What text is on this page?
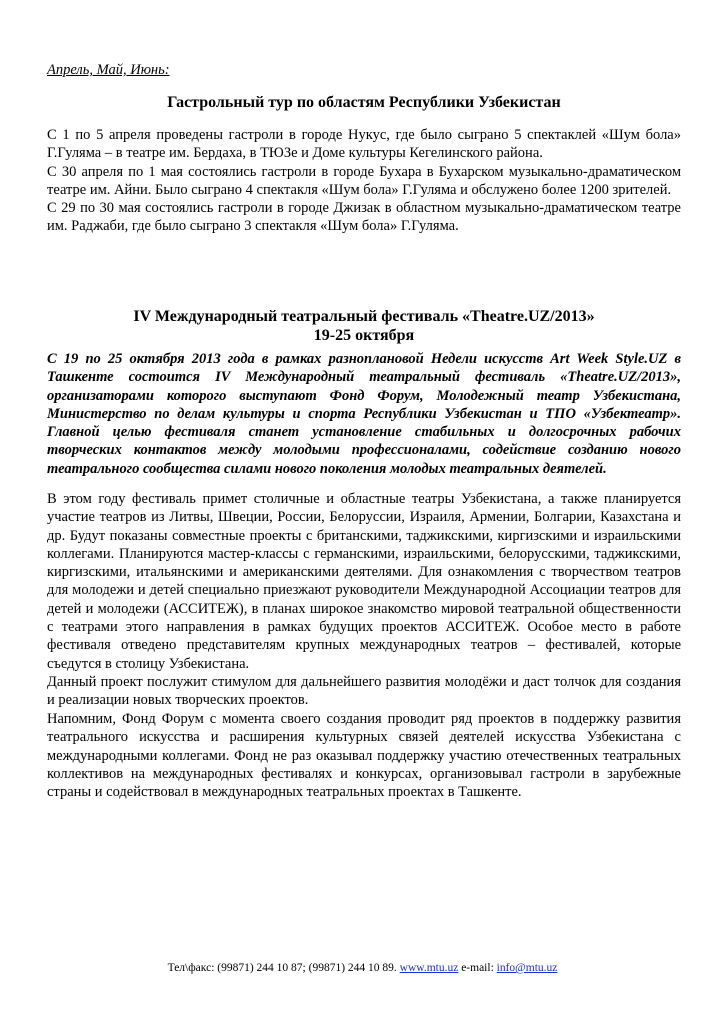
Апрель, Май, Июнь:
Гастрольный тур по областям Республики Узбекистан

С 1 по 5 апреля проведены гастроли в городе Нукус, где было сыграно 5 спектаклей «Шум бола» Г.Гуляма – в театре им. Бердаха, в ТЮЗе и Доме культуры Кегелинского района.

С 30 апреля по 1 мая состоялись гастроли в городе Бухара в Бухарском музыкально-драматическом театре им. Айни. Было сыграно 4 спектакля «Шум бола» Г.Гуляма и обслужено более 1200 зрителей.

С 29 по 30 мая состоялись гастроли в городе Джизак в областном музыкально-драматическом театре им. Раджаби, где было сыграно 3 спектакля «Шум бола» Г.Гуляма.

IV Международный театральный фестиваль «Theatre.UZ/2013»
19-25 октября
С 19 по 25 октября 2013 года в рамках разноплановой Недели искусств Art Week Style.UZ в Ташкенте состоится IV Международный театральный фестиваль «Theatre.UZ/2013», организаторами которого выступают Фонд Форум, Молодежный театр Узбекистана, Министерство по делам культуры и спорта Республики Узбекистан и ТПО «Узбектеатр». Главной целью фестиваля станет установление стабильных и долгосрочных рабочих творческих контактов между молодыми профессионалами, содействие созданию нового театрального сообщества силами нового поколения молодых театральных деятелей.

В этом году фестиваль примет столичные и областные театры Узбекистана, а также планируется участие театров из Литвы, Швеции, России, Белоруссии, Израиля, Армении, Болгарии, Казахстана и др. Будут показаны совместные проекты с британскими, таджикскими, киргизскими и израильскими коллегами. Планируются мастер-классы с германскими, израильскими, белорусскими, таджикскими, киргизскими, итальянскими и американскими деятелями. Для ознакомления с творчеством театров для молодежи и детей специально приезжают руководители Международной Ассоциации театров для детей и молодежи (АССИТЕЖ), в планах широкое знакомство мировой театральной общественности с театрами этого направления в рамках будущих проектов АССИТЕЖ. Особое место в работе фестиваля отведено представителям крупных международных театров – фестивалей, которые съедутся в столицу Узбекистана.

Данный проект послужит стимулом для дальнейшего развития молодёжи и даст толчок для создания и реализации новых творческих проектов.

Напомним, Фонд Форум с момента своего создания проводит ряд проектов в поддержку развития театрального искусства и расширения культурных связей деятелей искусства Узбекистана с международными коллегами. Фонд не раз оказывал поддержку участию отечественных театральных коллективов на международных фестивалях и конкурсах, организовывал гастроли в зарубежные страны и содействовал в международных театральных проектах в Ташкенте.
Тел\факс: (99871) 244 10 87; (99871) 244 10 89. www.mtu.uz e-mail: info@mtu.uz
